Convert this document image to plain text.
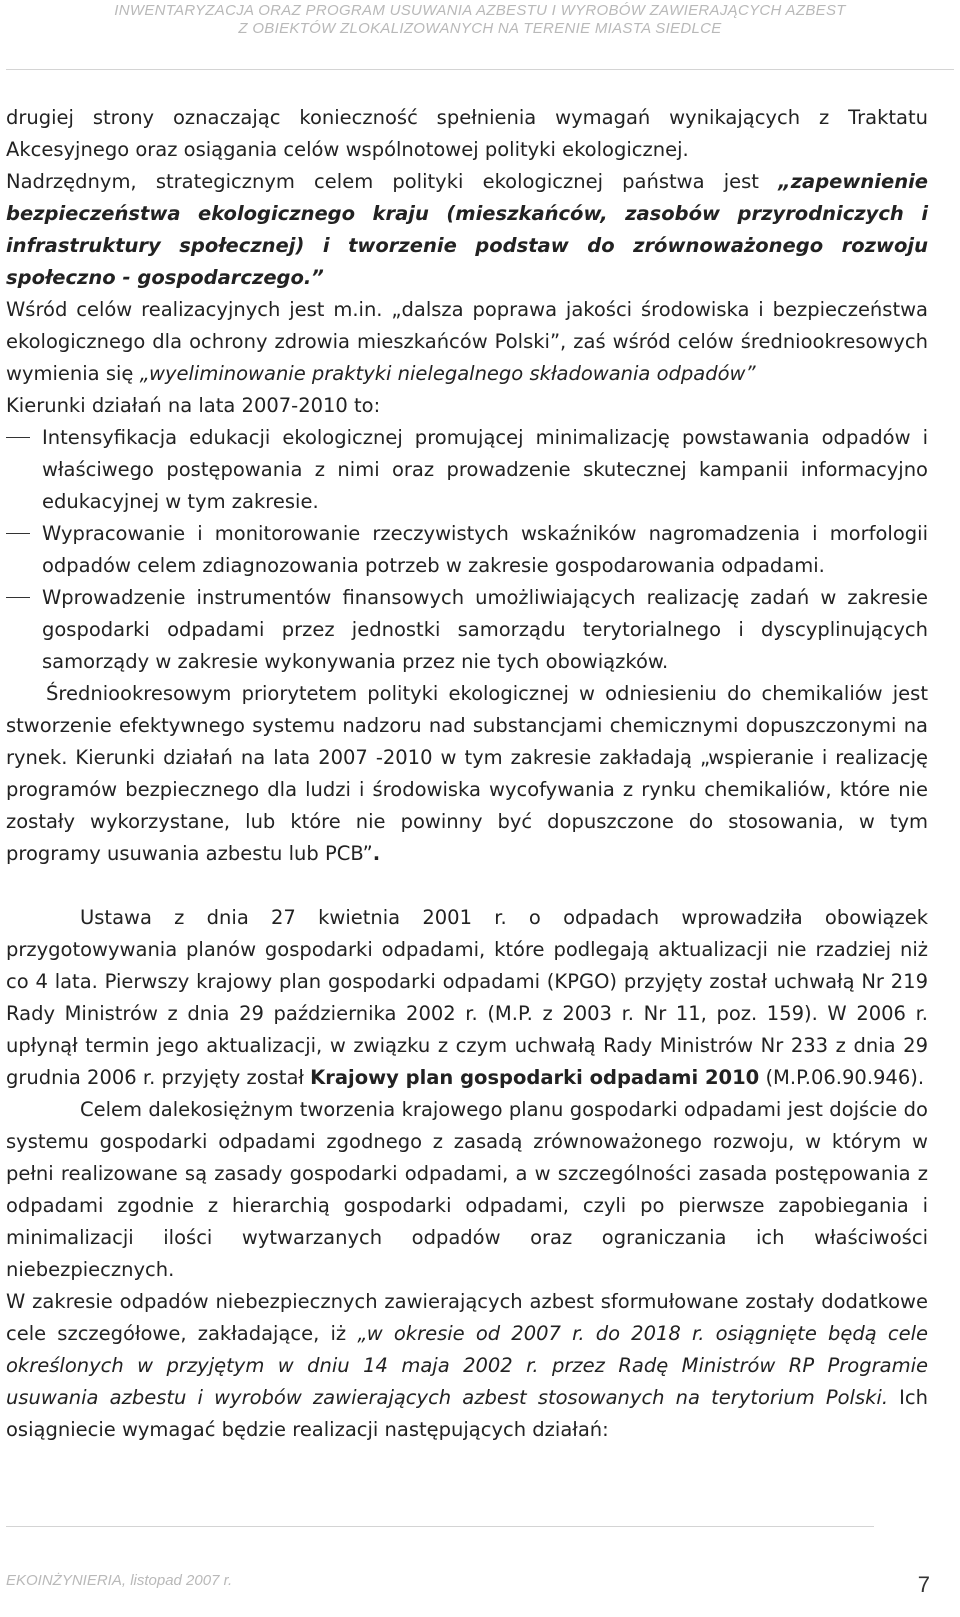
INWENTARYZACJA ORAZ PROGRAM USUWANIA AZBESTU I WYROBÓW ZAWIERAJĄCYCH AZBEST
Z OBIEKTÓW ZLOKALIZOWANYCH NA TERENIE MIASTA SIEDLCE

drugiej strony oznaczając konieczność spełnienia wymagań wynikających z Traktatu Akcesyjnego oraz osiągania celów wspólnotowej polityki ekologicznej.

Nadrzędnym, strategicznym celem polityki ekologicznej państwa jest „zapewnienie bezpieczeństwa ekologicznego kraju (mieszkańców, zasobów przyrodniczych i infrastruktury społecznej) i tworzenie podstaw do zrównoważonego rozwoju społeczno - gospodarczego.”

Wśród celów realizacyjnych jest m.in. „dalsza poprawa jakości środowiska i bezpieczeństwa ekologicznego dla ochrony zdrowia mieszkańców Polski”, zaś wśród celów średniookresowych wymienia się „wyeliminowanie praktyki nielegalnego składowania odpadów”

Kierunki działań na lata 2007-2010 to:

Intensyfikacja edukacji ekologicznej promującej minimalizację powstawania odpadów i właściwego postępowania z nimi oraz prowadzenie skutecznej kampanii informacyjno edukacyjnej w tym zakresie.
Wypracowanie i monitorowanie rzeczywistych wskaźników nagromadzenia i morfologii odpadów celem zdiagnozowania potrzeb w zakresie gospodarowania odpadami.
Wprowadzenie instrumentów finansowych umożliwiających realizację zadań w zakresie gospodarki odpadami przez jednostki samorządu terytorialnego i dyscyplinujących samorządy w zakresie wykonywania przez nie tych obowiązków.

Średniookresowym priorytetem polityki ekologicznej w odniesieniu do chemikaliów jest stworzenie efektywnego systemu nadzoru nad substancjami chemicznymi dopuszczonymi na rynek. Kierunki działań na lata 2007 -2010 w tym zakresie zakładają „wspieranie i realizację programów bezpiecznego dla ludzi i środowiska wycofywania z rynku chemikaliów, które nie zostały wykorzystane, lub które nie powinny być dopuszczone do stosowania, w tym programy usuwania azbestu lub PCB”.

Ustawa z dnia 27 kwietnia 2001 r. o odpadach wprowadziła obowiązek przygotowywania planów gospodarki odpadami, które podlegają aktualizacji nie rzadziej niż co 4 lata. Pierwszy krajowy plan gospodarki odpadami (KPGO) przyjęty został uchwałą Nr 219 Rady Ministrów z dnia 29 października 2002 r. (M.P. z 2003 r. Nr 11, poz. 159). W 2006 r. upłynął termin jego aktualizacji, w związku z czym uchwałą Rady Ministrów Nr 233 z dnia 29 grudnia 2006 r. przyjęty został Krajowy plan gospodarki odpadami 2010 (M.P.06.90.946).

Celem dalekosiężnym tworzenia krajowego planu gospodarki odpadami jest dojście do systemu gospodarki odpadami zgodnego z zasadą zrównoważonego rozwoju, w którym w pełni realizowane są zasady gospodarki odpadami, a w szczególności zasada postępowania z odpadami zgodnie z hierarchią gospodarki odpadami, czyli po pierwsze zapobiegania i minimalizacji ilości wytwarzanych odpadów oraz ograniczania ich właściwości niebezpiecznych.

W zakresie odpadów niebezpiecznych zawierających azbest sformułowane zostały dodatkowe cele szczegółowe, zakładające, iż „w okresie od 2007 r. do 2018 r. osiągnięte będą cele określonych w przyjętym w dniu 14 maja 2002 r. przez Radę Ministrów RP Programie usuwania azbestu i wyrobów zawierających azbest stosowanych na terytorium Polski. Ich osiągniecie wymagać będzie realizacji następujących działań:

EKOINŻYNIERIA, listopad 2007 r.	7
